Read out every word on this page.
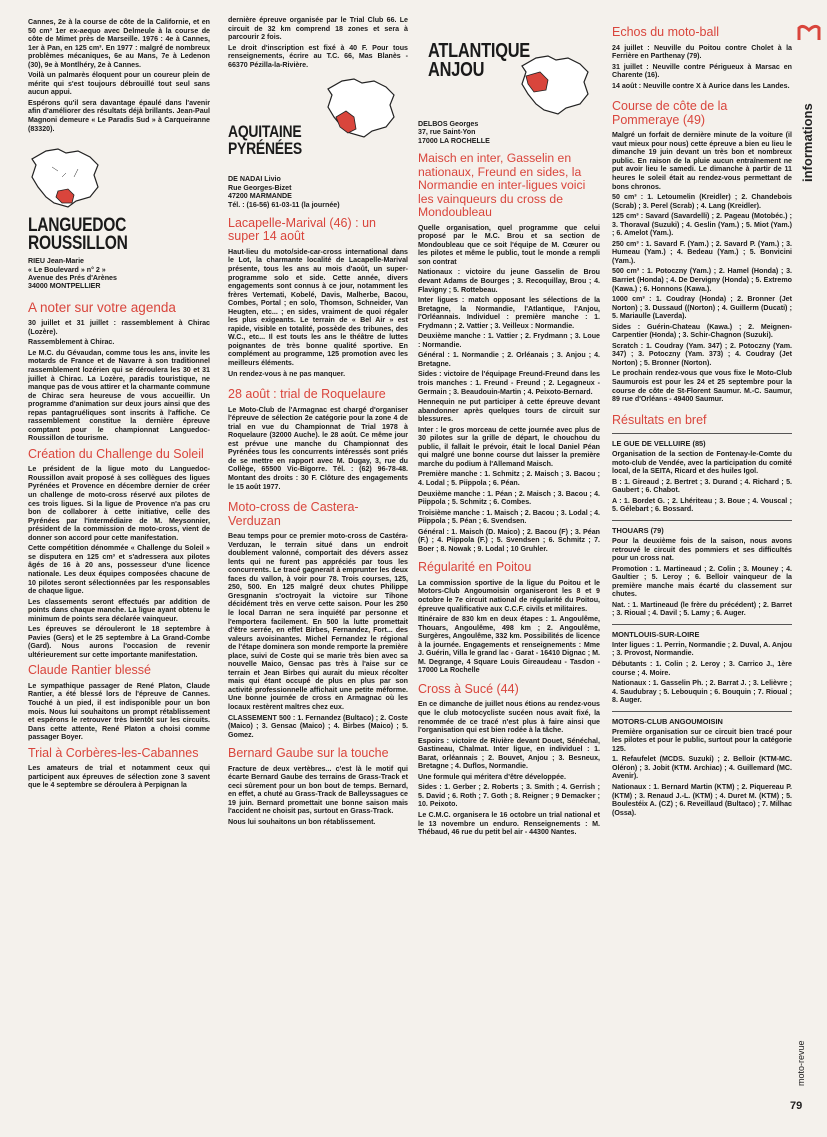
Cannes, 2e à la course de côte de la Californie, et en 50 cm³ 1er ex-aequo avec Delmeule à la course de côte de Mimet près de Marseille. 1976 : 4e à Cannes, 1er à Pan, en 125 cm³. En 1977 : malgré de nombreux problèmes mécaniques, 6e au Mans, 7e à Ledenon (30), 9e à Montlhéry, 2e à Cannes.

Voilà un palmarès éloquent pour un coureur plein de mérite qui s'est toujours débrouillé tout seul sans aucun appui.

Espérons qu'il sera davantage épaulé dans l'avenir afin d'améliorer des résultats déjà brillants. Jean-Paul Magnoni demeure « Le Paradis Sud » à Carqueiranne (83320).

LANGUEDOC
ROUSSILLON
RIEU Jean-Marie
« Le Boulevard » n° 2 »
Avenue des Prés d'Arènes
34000 MONTPELLIER
A noter sur votre agenda

30 juillet et 31 juillet : rassemblement à Chirac (Lozère).

Rassemblement à Chirac.

Le M.C. du Gévaudan, comme tous les ans, invite les motards de France et de Navarre à son traditionnel rassemblement lozérien qui se déroulera les 30 et 31 juillet à Chirac. La Lozère, paradis touristique, ne manque pas de vous attirer et la charmante commune de Chirac sera heureuse de vous accueillir. Un programme d'animation sur deux jours ainsi que des repas pantagruéliques sont inscrits à l'affiche. Ce rassemblement constitue la dernière épreuve comptant pour le championnat Languedoc-Roussillon de tourisme.

Création du Challenge du Soleil

Le président de la ligue moto du Languedoc-Roussillon avait proposé à ses collègues des ligues Pyrénées et Provence en décembre dernier de créer un challenge de moto-cross réservé aux pilotes de ces trois ligues. Si la ligue de Provence n'a pas cru bon de collaborer à cette initiative, celle des Pyrénées par l'intermédiaire de M. Meysonnier, président de la commission de moto-cross, vient de donner son accord pour cette manifestation.

Cette compétition dénommée « Challenge du Soleil » se disputera en 125 cm³ et s'adressera aux pilotes âgés de 16 à 20 ans, possesseur d'une licence nationale. Les deux équipes composées chacune de 10 pilotes seront sélectionnées par les responsables de chaque ligue.

Les classements seront effectués par addition de points dans chaque manche. La ligue ayant obtenu le minimum de points sera déclarée vainqueur.

Les épreuves se dérouleront le 18 septembre à Pavies (Gers) et le 25 septembre à La Grand-Combe (Gard). Nous aurons l'occasion de revenir ultérieurement sur cette importante manifestation.

Claude Rantier blessé

Le sympathique passager de René Platon, Claude Rantier, a été blessé lors de l'épreuve de Cannes. Touché à un pied, il est indisponible pour un bon mois. Nous lui souhaitons un prompt rétablissement et espérons le retrouver très bientôt sur les circuits. Dans cette attente, René Platon a choisi comme passager Boyer.

Trial à Corbères-les-Cabannes

Les amateurs de trial et notamment ceux qui participent aux épreuves de sélection zone 3 savent que le 4 septembre se déroulera à Perpignan la

dernière épreuve organisée par le Trial Club 66. Le circuit de 32 km comprend 18 zones et sera à parcourir 2 fois.

Le droit d'inscription est fixé à 40 F. Pour tous renseignements, écrire au T.C. 66, Mas Blanès - 66370 Pézilla-la-Rivière.

AQUITAINE
PYRÉNÉES
DE NADAI Livio
Rue Georges-Bizet
47200 MARMANDE
Tél. : (16-56) 61-03-11 (la journée)
Lacapelle-Marival (46) : un super 14 août

Haut-lieu du moto/side-car-cross international dans le Lot, la charmante localité de Lacapelle-Marival présente, tous les ans au mois d'août, un super-programme solo et side. Cette année, divers engagements sont connus à ce jour, notamment les frères Vertemati, Kobelé, Davis, Malherbe, Bacou, Combes, Portal ; en solo, Thomson, Schneider, Van Heugten, etc... ; en sides, vraiment de quoi régaler les plus exigeants. Le terrain de « Bel Air » est rapide, visible en totalité, possède des tribunes, des W.C., etc... Il est touts les ans le théâtre de luttes poignantes de très bonne qualité sportive. En complément au programme, 125 promotion avec les meilleurs éléments.

Un rendez-vous à ne pas manquer.

28 août : trial de Roquelaure

Le Moto-Club de l'Armagnac est chargé d'organiser l'épreuve de sélection 2e catégorie pour la zone 4 de trial en vue du Championnat de Trial 1978 à Roquelaure (32000 Auche). le 28 août. Ce même jour est prévue une manche du Championnat des Pyrénées tous les concurrents intéressés sont priés de se mettre en rapport avec M. Dugay, 3, rue du Collège, 65500 Vic-Bigorre. Tél. : (62) 96-78-48. Montant des droits : 30 F. Clôture des engagements le 15 août 1977.

Moto-cross de Castera-Verduzan

Beau temps pour ce premier moto-cross de Castéra-Verduzan, le terrain situé dans un endroit doublement valonné, comportait des dévers assez lents qui ne furent pas appréciés par tous les concurrents. Le tracé gagnerait à emprunter les deux faces du vallon, à voir pour 78. Trois courses, 125, 250, 500. En 125 malgré deux chutes Philippe Gresgnanin s'octroyait la victoire sur Tihone décidément très en verve cette saison. Pour les 250 le local Darran ne sera inquiété par personne et l'emportera facilement. En 500 la lutte promettait d'être serrée, en effet Birbes, Fernandez, Fort... des valeurs avoisinantes. Michel Fernandez le régional de l'étape dominera son monde remporte la première place, suivi de Coste qui se marie très bien avec sa nouvelle Maico, Gensac pas très à l'aise sur ce terrain et Jean Birbes qui aurait du mieux récolter mais qui étant occupé de plus en plus par son activité professionnelle affichait une petite méforme. Une bonne journée de cross en Armagnac où les locaux restèrent maîtres chez eux.

CLASSEMENT 500 : 1. Fernandez (Bultaco) ; 2. Coste (Maico) ; 3. Gensac (Maico) ; 4. Birbes (Maico) ; 5. Gomez.

Bernard Gaube sur la touche

Fracture de deux vertèbres... c'est là le motif qui écarte Bernard Gaube des terrains de Grass-Track et ceci sûrement pour un bon bout de temps. Bernard, en effet, a chuté au Grass-Track de Balleyssagues ce 19 juin. Bernard promettait une bonne saison mais l'accident ne choisit pas, surtout en Grass-Track.

Nous lui souhaitons un bon rétablissement.

ATLANTIQUE
ANJOU
DELBOS Georges
37, rue Saint-Yon
17000 LA ROCHELLE
Maisch en inter, Gasselin en nationaux, Freund en sides, la Normandie en inter-ligues voici les vainqueurs du cross de Mondoubleau

Quelle organisation, quel programme que celui proposé par le M.C. Brou et sa section de Mondoubleau que ce soit l'équipe de M. Cœurer ou les pilotes et même le public, tout le monde a rempli son contrat

Nationaux : victoire du jeune Gasselin de Brou devant Adams de Bourges ; 3. Recoquillay, Brou ; 4. Flavigny ; 5. Rottebeau.

Inter ligues : match opposant les sélections de la Bretagne, la Normandie, l'Atlantique, l'Anjou, l'Orléannais. Individuel : première manche : 1. Frydmann ; 2. Vattier ; 3. Veilleux : Normandie.

Deuxième manche : 1. Vattier ; 2. Frydmann ; 3. Loue : Normandie.

Général : 1. Normandie ; 2. Orléanais ; 3. Anjou ; 4. Bretagne.

Sides : victoire de l'équipage Freund-Freund dans les trois manches : 1. Freund - Freund ; 2. Legagneux - Germain ; 3. Beaudouin-Martin ; 4. Peixoto-Bernard.

Hennequin ne put participer à cette épreuve devant abandonner après quelques tours de circuit sur blessures.

Inter : le gros morceau de cette journée avec plus de 30 pilotes sur la grille de départ, le chouchou du public, il fallait le prévoir, était le local Daniel Péan qui malgré une bonne course dut laisser la première marche du podium à l'Allemand Maisch.

Première manche : 1. Schmitz ; 2. Maisch ; 3. Bacou ; 4. Lodal ; 5. Piippola ; 6. Péan.

Deuxième manche : 1. Péan ; 2. Maisch ; 3. Bacou ; 4. Piippola ; 5. Schmitz ; 6. Combes.

Troisième manche : 1. Maisch ; 2. Bacou ; 3. Lodal ; 4. Piippola ; 5. Péan ; 6. Svendsen.

Général : 1. Maisch (D. Maico) ; 2. Bacou (F) ; 3. Péan (F.) ; 4. Piippola (F.) ; 5. Svendsen ; 6. Schmitz ; 7. Boer ; 8. Nowak ; 9. Lodal ; 10 Gruhler.

Régularité en Poitou

La commission sportive de la ligue du Poitou et le Motors-Club Angoumoisin organiseront les 8 et 9 octobre le 7e circuit national de régularité du Poitou, épreuve qualificative aux C.C.F. civils et militaires.

Itinéraire de 830 km en deux étapes : 1. Angoulême, Thouars, Angoulême, 498 km ; 2. Angoulême, Surgères, Angoulême, 332 km. Possibilités de licence à la journée. Engagements et renseignements : Mme J. Guérin, Villa le grand lac - Garat - 16410 Dignac ; M. M. Degrange, 4 Square Louis Gireaudeau - Tasdon - 17000 La Rochelle

Cross à Sucé (44)

En ce dimanche de juillet nous étions au rendez-vous que le club motocycliste sucéen nous avait fixé, la renommée de ce tracé n'est plus à faire ainsi que l'organisation qui est bien rodée à la tâche.

Espoirs : victoire de Rivière devant Douet, Sénéchal, Gastineau, Chalmat. Inter ligue, en individuel : 1. Barat, orléannais ; 2. Bouvet, Anjou ; 3. Besneux, Bretagne ; 4. Duflos, Normandie.

Une formule qui méritera d'être développée.

Sides : 1. Gerber ; 2. Roberts ; 3. Smith ; 4. Gerrish ; 5. David ; 6. Roth ; 7. Goth ; 8. Reigner ; 9 Demacker ; 10. Peixoto.

Le C.M.C. organisera le 16 octobre un trial national et le 13 novembre un enduro. Renseignements : M. Thébaud, 46 rue du petit bel air - 44300 Nantes.

Echos du moto-ball

24 juillet : Neuville du Poitou contre Cholet à la Ferrière en Parthenay (79).

31 juillet : Neuville contre Périgueux à Marsac en Charente (16).

14 août : Neuville contre X à Aurice dans les Landes.

Course de côte de la Pommeraye (49)

Malgré un forfait de dernière minute de la voiture (il vaut mieux pour nous) cette épreuve a bien eu lieu le dimanche 19 juin devant un très bon et nombreux public. En raison de la pluie aucun entraînement ne put avoir lieu le samedi. Le dimanche à partir de 11 heures le soleil était au rendez-vous permettant de bons chronos.

50 cm³ : 1. Letoumelin (Kreidler) ; 2. Chandebois (Scrab) ; 3. Perel (Scrab) ; 4. Lang (Kreidler).

125 cm³ : Savard (Savardelli) ; 2. Pageau (Motobéc.) ; 3. Thoraval (Suzuki) ; 4. Geslin (Yam.) ; 5. Miot (Yam.) ; 6. Amelot (Yam.).

250 cm³ : 1. Savard F. (Yam.) ; 2. Savard P. (Yam.) ; 3. Humeau (Yam.) ; 4. Bedeau (Yam.) ; 5. Bonvicini (Yam.).

500 cm³ : 1. Potoczny (Yam.) ; 2. Hamel (Honda) ; 3. Barriet (Honda) ; 4. De Dervigny (Honda) ; 5. Extremo (Kawa.) ; 6. Honnons (Kawa.).

1000 cm³ : 1. Coudray (Honda) ; 2. Bronner (Jet Norton) ; 3. Dussaud ((Norton) ; 4. Guillerm (Ducati) ; 5. Mariaulle (Laverda).

Sides : Guérin-Chateau (Kawa.) ; 2. Meignen-Carpentier (Honda) ; 3. Schir-Chagnon (Suzuki).

Scratch : 1. Coudray (Yam. 347) ; 2. Potoczny (Yam. 347) ; 3. Potoczny (Yam. 373) ; 4. Coudray (Jet Norton) ; 5. Bronner (Norton).

Le prochain rendez-vous que vous fixe le Moto-Club Saumurois est pour les 24 et 25 septembre pour la course de côte de St-Florent Saumur. M.-C. Saumur, 89 rue d'Orléans - 49400 Saumur.

Résultats en bref
LE GUE DE VELLUIRE (85)

Organisation de la section de Fontenay-le-Comte du moto-club de Vendée, avec la participation du comité local, de la SEITA, Ricard et des huiles Igol.

B : 1. Gireaud ; 2. Bertret ; 3. Durand ; 4. Richard ; 5. Gaubert ; 6. Chabot.

A : 1. Bordet G. ; 2. Lhériteau ; 3. Boue ; 4. Vouscal ; 5. Gélebart ; 6. Bossard.

THOUARS (79)

Pour la deuxième fois de la saison, nous avons retrouvé le circuit des pommiers et ses difficultés pour un cross nat.

Promotion : 1. Martineaud ; 2. Colin ; 3. Mouney ; 4. Gaultier ; 5. Leroy ; 6. Belloir vainqueur de la première manche mais écarté du classement sur chutes.

Nat. : 1. Martineaud (le frère du précédent) ; 2. Barret ; 3. Rioual ; 4. Davil ; 5. Lamy ; 6. Auger.

MONTLOUIS-SUR-LOIRE

Inter ligues : 1. Perrin, Normandie ; 2. Duval, A. Anjou ; 3. Provost, Normandie.

Débutants : 1. Colin ; 2. Leroy ; 3. Carrico J., 1ère course ; 4. Moire.

Nationaux : 1. Gasselin Ph. ; 2. Barrat J. ; 3. Lelièvre ; 4. Saudubray ; 5. Lebouquin ; 6. Bouquin ; 7. Rioual ; 8. Auger.

MOTORS-CLUB ANGOUMOISIN

Première organisation sur ce circuit bien tracé pour les pilotes et pour le public, surtout pour la catégorie 125.

1. Refaufelet (MCDS. Suzuki) ; 2. Belloir (KTM-MC. Oléron) ; 3. Jobit (KTM. Archiac) ; 4. Guillemard (MC. Avenir).

Nationaux : 1. Bernard Martin (KTM) ; 2. Piquereau P. (KTM) ; 3. Renaud J.-L. (KTM) ; 4. Duret M. (KTM) ; 5. Boulestéix A. (CZ) ; 6. Reveillaud (Bultaco) ; 7. Milhac (Ossa).

informations
moto-revue
79
